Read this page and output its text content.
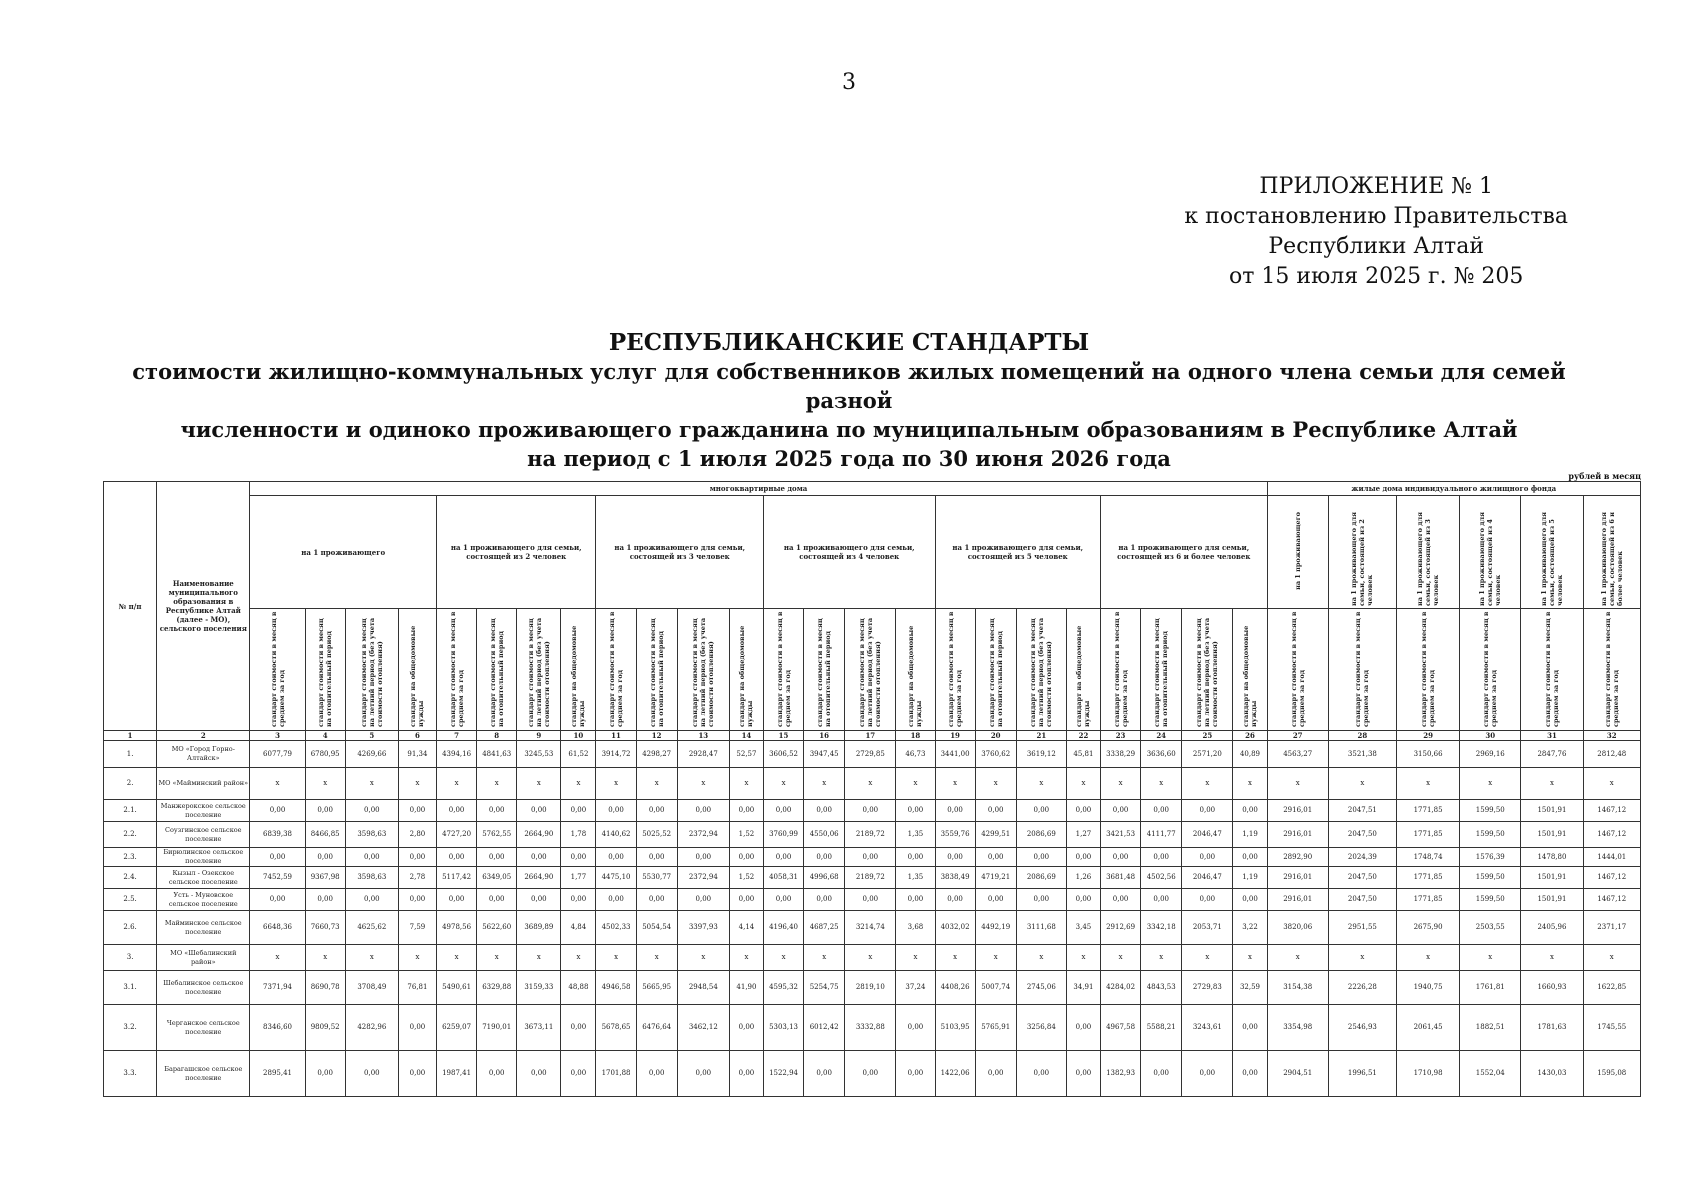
3
ПРИЛОЖЕНИЕ № 1
к постановлению Правительства
Республики Алтай
от 15 июля 2025 г. № 205
РЕСПУБЛИКАНСКИЕ СТАНДАРТЫ
стоимости жилищно-коммунальных услуг для собственников жилых помещений на одного члена семьи для семей разной
численности и одиноко проживающего гражданина по муниципальным образованиям в Республике Алтай
на период с 1 июля 2025 года по 30 июня 2026 года
рублей в месяц
№ п/п	Наименование муниципального образования в Республике Алтай (далее - МО), сельского поселения	многоквартирные дома																								жилые дома индивидуального жилищного фонда					
		на 1 проживающего				на 1 проживающего для семьи, состоящей из 2 человек				на 1 проживающего для семьи, состоящей из 3 человек				на 1 проживающего для семьи, состоящей из 4 человек				на 1 проживающего для семьи, состоящей из 5 человек				на 1 проживающего для семьи, состоящей из 6 и более человек				на 1 проживающего	на 1 проживающего для семьи, состоящей из 2 человек	на 1 проживающего для семьи, состоящей из 3 человек	на 1 проживающего для семьи, состоящей из 4 человек	на 1 проживающего для семьи, состоящей из 5 человек	на 1 проживающего для семьи, состоящей из 6 и более человек
		стандарт стоимости в месяц в среднем за год	стандарт стоимости в месяц на отопительный период	стандарт стоимости в месяц на летний период (без учета стоимости отопления)	стандарт на общедомовые нужды	стандарт стоимости в месяц в среднем за год	стандарт стоимости в месяц на отопительный период	стандарт стоимости в месяц на летний период (без учета стоимости отопления)	стандарт на общедомовые нужды	стандарт стоимости в месяц в среднем за год	стандарт стоимости в месяц на отопительный период	стандарт стоимости в месяц на летний период (без учета стоимости отопления)	стандарт на общедомовые нужды	стандарт стоимости в месяц в среднем за год	стандарт стоимости в месяц на отопительный период	стандарт стоимости в месяц на летний период (без учета стоимости отопления)	стандарт на общедомовые нужды	стандарт стоимости в месяц в среднем за год	стандарт стоимости в месяц на отопительный период	стандарт стоимости в месяц на летний период (без учета стоимости отопления)	стандарт на общедомовые нужды	стандарт стоимости в месяц в среднем за год	стандарт стоимости в месяц на отопительный период	стандарт стоимости в месяц на летний период (без учета стоимости отопления)	стандарт на общедомовые нужды	стандарт стоимости в месяц в среднем за год	стандарт стоимости в месяц в среднем за год	стандарт стоимости в месяц в среднем за год	стандарт стоимости в месяц в среднем за год	стандарт стоимости в месяц в среднем за год	стандарт стоимости в месяц в среднем за год
1	2	3	4	5	6	7	8	9	10	11	12	13	14	15	16	17	18	19	20	21	22	23	24	25	26	27	28	29	30	31	32
1.	МО «Город Горно-Алтайск»	6077,79	6780,95	4269,66	91,34	4394,16	4841,63	3245,53	61,52	3914,72	4298,27	2928,47	52,57	3606,52	3947,45	2729,85	46,73	3441,00	3760,62	3619,12	45,81	3338,29	3636,60	2571,20	40,89	4563,27	3521,38	3150,66	2969,16	2847,76	2812,48
2.	МО «Майминский район»	x	x	x	x	x	x	x	x	x	x	x	x	x	x	x	x	x	x	x	x	x	x	x	x	x	x	x	x	x	x
2.1.	Манжерокское сельское поселение	0,00	0,00	0,00	0,00	0,00	0,00	0,00	0,00	0,00	0,00	0,00	0,00	0,00	0,00	0,00	0,00	0,00	0,00	0,00	0,00	0,00	0,00	0,00	0,00	2916,01	2047,51	1771,85	1599,50	1501,91	1467,12
2.2.	Соузгинское сельское поселение	6839,38	8466,85	3598,63	2,80	4727,20	5762,55	2664,90	1,78	4140,62	5025,52	2372,94	1,52	3760,99	4550,06	2189,72	1,35	3559,76	4299,51	2086,69	1,27	3421,53	4111,77	2046,47	1,19	2916,01	2047,50	1771,85	1599,50	1501,91	1467,12
2.3.	Бирюлинское сельское поселение	0,00	0,00	0,00	0,00	0,00	0,00	0,00	0,00	0,00	0,00	0,00	0,00	0,00	0,00	0,00	0,00	0,00	0,00	0,00	0,00	0,00	0,00	0,00	0,00	2892,90	2024,39	1748,74	1576,39	1478,80	1444,01
2.4.	Кызыл - Озекское сельское поселение	7452,59	9367,98	3598,63	2,78	5117,42	6349,05	2664,90	1,77	4475,10	5530,77	2372,94	1,52	4058,31	4996,68	2189,72	1,35	3838,49	4719,21	2086,69	1,26	3681,48	4502,56	2046,47	1,19	2916,01	2047,50	1771,85	1599,50	1501,91	1467,12
2.5.	Усть - Муновское сельское поселение	0,00	0,00	0,00	0,00	0,00	0,00	0,00	0,00	0,00	0,00	0,00	0,00	0,00	0,00	0,00	0,00	0,00	0,00	0,00	0,00	0,00	0,00	0,00	0,00	2916,01	2047,50	1771,85	1599,50	1501,91	1467,12
2.6.	Майминское сельское поселение	6648,36	7660,73	4625,62	7,59	4978,56	5622,60	3689,89	4,84	4502,33	5054,54	3397,93	4,14	4196,40	4687,25	3214,74	3,68	4032,02	4492,19	3111,68	3,45	2912,69	3342,18	2053,71	3,22	3820,06	2951,55	2675,90	2503,55	2405,96	2371,17
3.	МО «Шебалинский район»	x	x	x	x	x	x	x	x	x	x	x	x	x	x	x	x	x	x	x	x	x	x	x	x	x	x	x	x	x	x
3.1.	Шебалинское сельское поселение	7371,94	8690,78	3708,49	76,81	5490,61	6329,88	3159,33	48,88	4946,58	5665,95	2948,54	41,90	4595,32	5254,75	2819,10	37,24	4408,26	5007,74	2745,06	34,91	4284,02	4843,53	2729,83	32,59	3154,38	2226,28	1940,75	1761,81	1660,93	1622,85
3.2.	Черганское сельское поселение	8346,60	9809,52	4282,96	0,00	6259,07	7190,01	3673,11	0,00	5678,65	6476,64	3462,12	0,00	5303,13	6012,42	3332,88	0,00	5103,95	5765,91	3256,84	0,00	4967,58	5588,21	3243,61	0,00	3354,98	2546,93	2061,45	1882,51	1781,63	1745,55
3.3.	Барагашское сельское поселение	2895,41	0,00	0,00	0,00	1987,41	0,00	0,00	0,00	1701,88	0,00	0,00	0,00	1522,94	0,00	0,00	0,00	1422,06	0,00	0,00	0,00	1382,93	0,00	0,00	0,00	2904,51	1996,51	1710,98	1552,04	1430,03	1595,08
